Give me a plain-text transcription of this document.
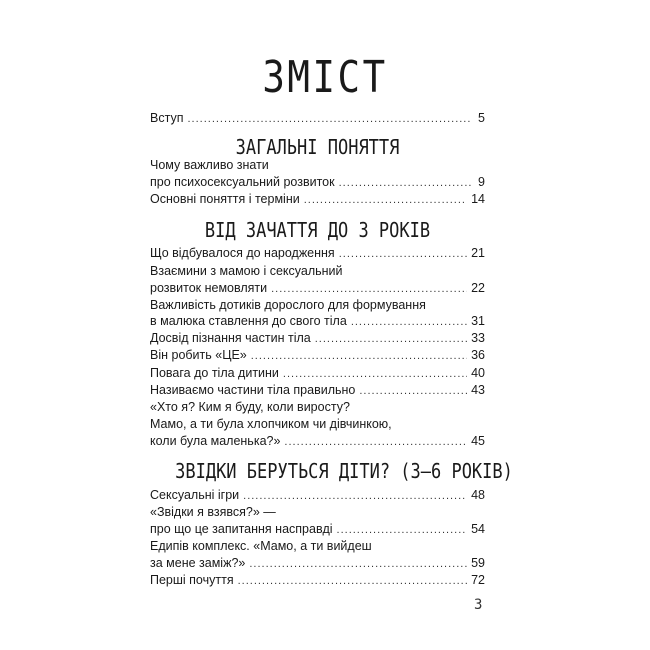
ЗМІСТ
Вступ .....	5
ЗАГАЛЬНІ ПОНЯТТЯ
Чому важливо знати
про психосексуальний розвиток .....	9
Основні поняття і терміни .....	14
ВІД ЗАЧАТТЯ ДО 3 РОКІВ
Що відбувалося до народження .....	21
Взаємини з мамою і сексуальний
розвиток немовляти .....	22
Важливість дотиків дорослого для формування
в малюка ставлення до свого тіла .....	31
Досвід пізнання частин тіла .....	33
Він робить «ЦЕ» .....	36
Повага до тіла дитини .....	40
Називаємо частини тіла правильно .....	43
«Хто я? Ким я буду, коли виросту?
Мамо, а ти була хлопчиком чи дівчинкою,
коли була маленька?» .....	45
ЗВІДКИ БЕРУТЬСЯ ДІТИ? (3—6 РОКІВ)
Сексуальні ігри .....	48
«Звідки я взявся?» —
про що це запитання насправді .....	54
Едипів комплекс. «Мамо, а ти вийдеш
за мене заміж?» .....	59
Перші почуття .....	72
3
